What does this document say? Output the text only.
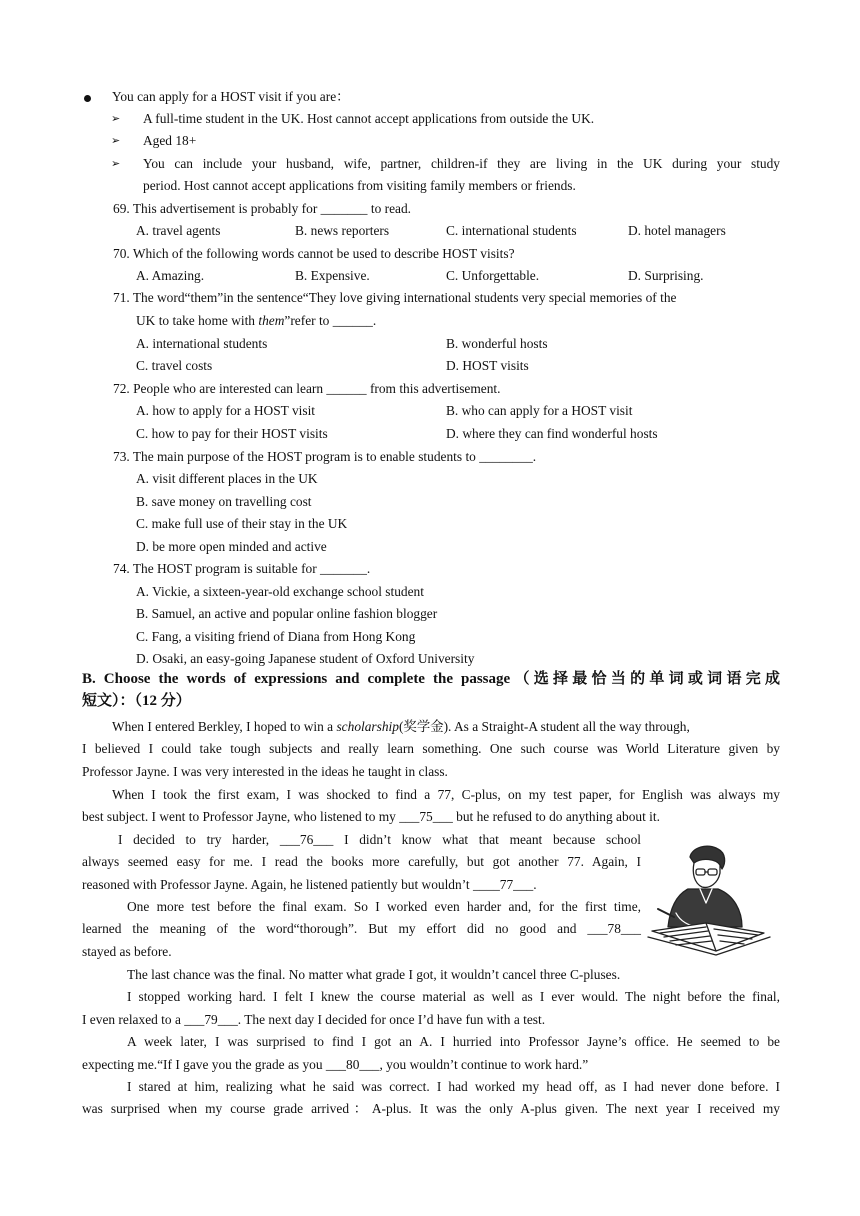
You can apply for a HOST visit if you are：
➢ A full-time student in the UK. Host cannot accept applications from outside the UK.
➢ Aged 18+
➢ You can include your husband, wife, partner, children-if they are living in the UK during your study
period. Host cannot accept applications from visiting family members or friends.
69. This advertisement is probably for _______ to read.
A. travel agents	B. news reporters	C. international students	D. hotel managers
70. Which of the following words cannot be used to describe HOST visits?
A. Amazing.	B. Expensive.	C. Unforgettable.	D. Surprising.
71. The word“them”in the sentence“They love giving international students very special memories of the
UK to take home with them”refer to ______.
A. international students	B. wonderful hosts
C. travel costs	D. HOST visits
72. People who are interested can learn ______ from this advertisement.
A. how to apply for a HOST visit	B. who can apply for a HOST visit
C. how to pay for their HOST visits	D. where they can find wonderful hosts
73. The main purpose of the HOST program is to enable students to ________.
A. visit different places in the UK
B. save money on travelling cost
C. make full use of their stay in the UK
D. be more open minded and active
74. The HOST program is suitable for _______.
A. Vickie, a sixteen-year-old exchange school student
B. Samuel, an active and popular online fashion blogger
C. Fang, a visiting friend of Diana from Hong Kong
D. Osaki, an easy-going Japanese student of Oxford University
B. Choose the words of expressions and complete the passage（选择最恰当的单词或词语完成
短文）：（12 分）
When I entered Berkley, I hoped to win a scholarship(奖学金). As a Straight-A student all the way through,
I believed I could take tough subjects and really learn something. One such course was World Literature given by
Professor Jayne. I was very interested in the ideas he taught in class.
When I took the first exam, I was shocked to find a 77, C-plus, on my test paper, for English was always my
best subject. I went to Professor Jayne, who listened to my ___75___ but he refused to do anything about it.
I decided to try harder, ___76___ I didn’t know what that meant because school
always seemed easy for me. I read the books more carefully, but got another 77. Again, I
reasoned with Professor Jayne. Again, he listened patiently but wouldn’t ____77___.
One more test before the final exam. So I worked even harder and, for the first time,
learned the meaning of the word“thorough”. But my effort did no good and ___78___
stayed as before.
The last chance was the final. No matter what grade I got, it wouldn’t cancel three C-pluses.
I stopped working hard. I felt I knew the course material as well as I ever would. The night before the final,
I even relaxed to a ___79___. The next day I decided for once I’d have fun with a test.
A week later, I was surprised to find I got an A. I hurried into Professor Jayne’s office. He seemed to be
expecting me.“If I gave you the grade as you ___80___, you wouldn’t continue to work hard.”
I stared at him, realizing what he said was correct. I had worked my head off, as I had never done before. I
was surprised when my course grade arrived：A-plus. It was the only A-plus given. The next year I received my
